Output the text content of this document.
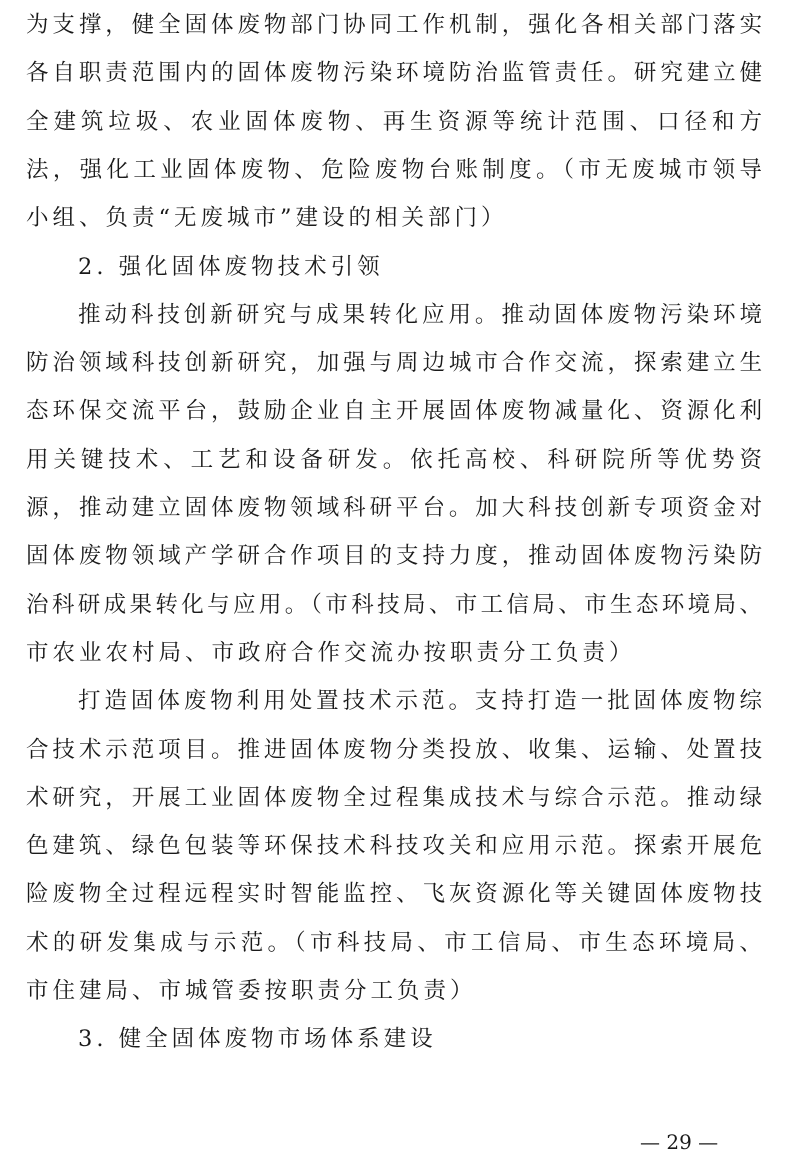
为支撑，健全固体废物部门协同工作机制，强化各相关部门落实
各自职责范围内的固体废物污染环境防治监管责任。研究建立健
全建筑垃圾、农业固体废物、再生资源等统计范围、口径和方
法，强化工业固体废物、危险废物台账制度。（市无废城市领导
小组、负责“无废城市”建设的相关部门）
2. 强化固体废物技术引领
推动科技创新研究与成果转化应用。推动固体废物污染环境
防治领域科技创新研究，加强与周边城市合作交流，探索建立生
态环保交流平台，鼓励企业自主开展固体废物减量化、资源化利
用关键技术、工艺和设备研发。依托高校、科研院所等优势资
源，推动建立固体废物领域科研平台。加大科技创新专项资金对
固体废物领域产学研合作项目的支持力度，推动固体废物污染防
治科研成果转化与应用。（市科技局、市工信局、市生态环境局、
市农业农村局、市政府合作交流办按职责分工负责）
打造固体废物利用处置技术示范。支持打造一批固体废物综
合技术示范项目。推进固体废物分类投放、收集、运输、处置技
术研究，开展工业固体废物全过程集成技术与综合示范。推动绿
色建筑、绿色包装等环保技术科技攻关和应用示范。探索开展危
险废物全过程远程实时智能监控、飞灰资源化等关键固体废物技
术的研发集成与示范。（市科技局、市工信局、市生态环境局、
市住建局、市城管委按职责分工负责）
3. 健全固体废物市场体系建设
— 29 —
